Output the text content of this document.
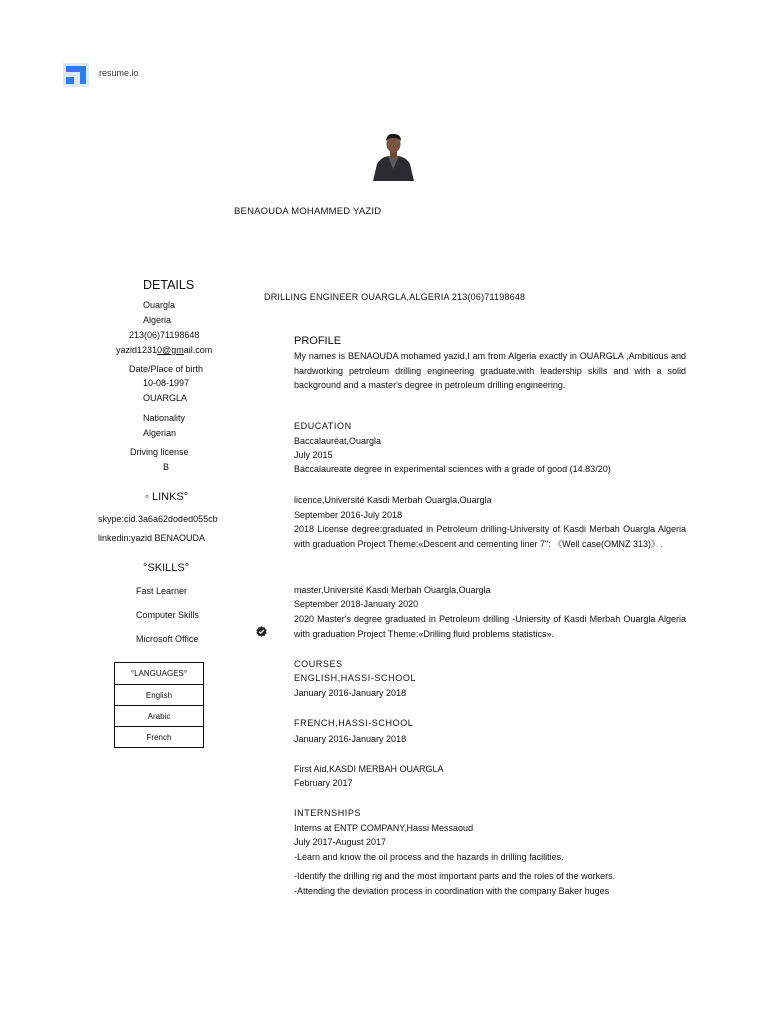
resume.io
BENAOUDA MOHAMMED YAZID
DETAILS
Ouargla
Algeria
213(06)71198648
yazid12310@gmail.com
Date/Place of birth
10-08-1997
OUARGLA
Nationality
Algerian
Driving license
B
◦ LINKS°
skype:cid.3a6a62doded055cb
linkedin:yazid BENAOUDA
°SKILLS°
Fast Learner
Computer Skills
Microsoft Office
°LANGUAGES°
English
Arabic
French
DRILLING ENGINEER OUARGLA,ALGERIA 213(06)71198648
PROFILE
My names is BENAOUDA mohamed yazid,I am from Algeria exactly in OUARGLA ,Ambitious and hardworking petroleum drilling engineering graduate,with leadership skills and with a solid background and a master's degree in petroleum drilling engineering.
EDUCATION
Baccalauréat,Ouargla
July 2015
Baccalaureate degree in experimental sciences with a grade of good (14.83/20)
licence,Université Kasdi Merbah Ouargla,Ouargla
September 2016-July 2018
2018 License degree:graduated in Petroleum drilling-University of Kasdi Merbah Ouargla Algeria with graduation Project Theme:«Descent and cementing liner 7": 《Well case(OMNZ 313)》.
master,Université Kasdi Merbah Ouargla,Ouargla
September 2018-January 2020
2020 Master's degree graduated in Petroleum drilling -Uniersity of Kasdi Merbah Ouargla Algeria with graduation Project Theme:«Drilling fluid problems statistics».
COURSES
ENGLISH,HASSI-SCHOOL
January 2016-January 2018
FRENCH,HASSI-SCHOOL
January 2016-January 2018
First Aid,KASDI MERBAH OUARGLA
February 2017
INTERNSHIPS
Interns at ENTP COMPANY,Hassi Messaoud
July 2017-August 2017
-Learn and know the oil process and the hazards in drilling facilities.
-Identify the drilling rig and the most important parts and the roles of the workers.
-Attending the deviation process in coordination with the company Baker huges
